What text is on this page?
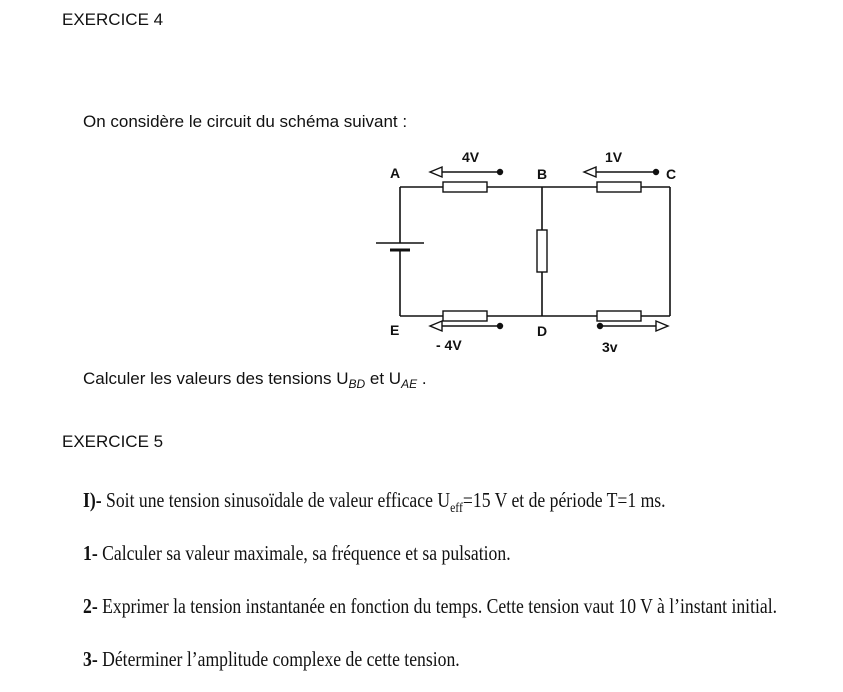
EXERCICE 4
On considère le circuit du schéma suivant :
A	B	C
D
E
4V	1V
- 4V	3v
Calculer les valeurs des tensions $U_{BD}$ et $U_{AE}$ .
EXERCICE 5
I)- Soit une tension sinusoïdale de valeur efficace $U_{eff}=15$ V et de période T=1 ms.
1- Calculer sa valeur maximale, sa fréquence et sa pulsation.
2- Exprimer la tension instantanée en fonction du temps. Cette tension vaut 10 V à l’instant initial.
3- Déterminer l’amplitude complexe de cette tension.
